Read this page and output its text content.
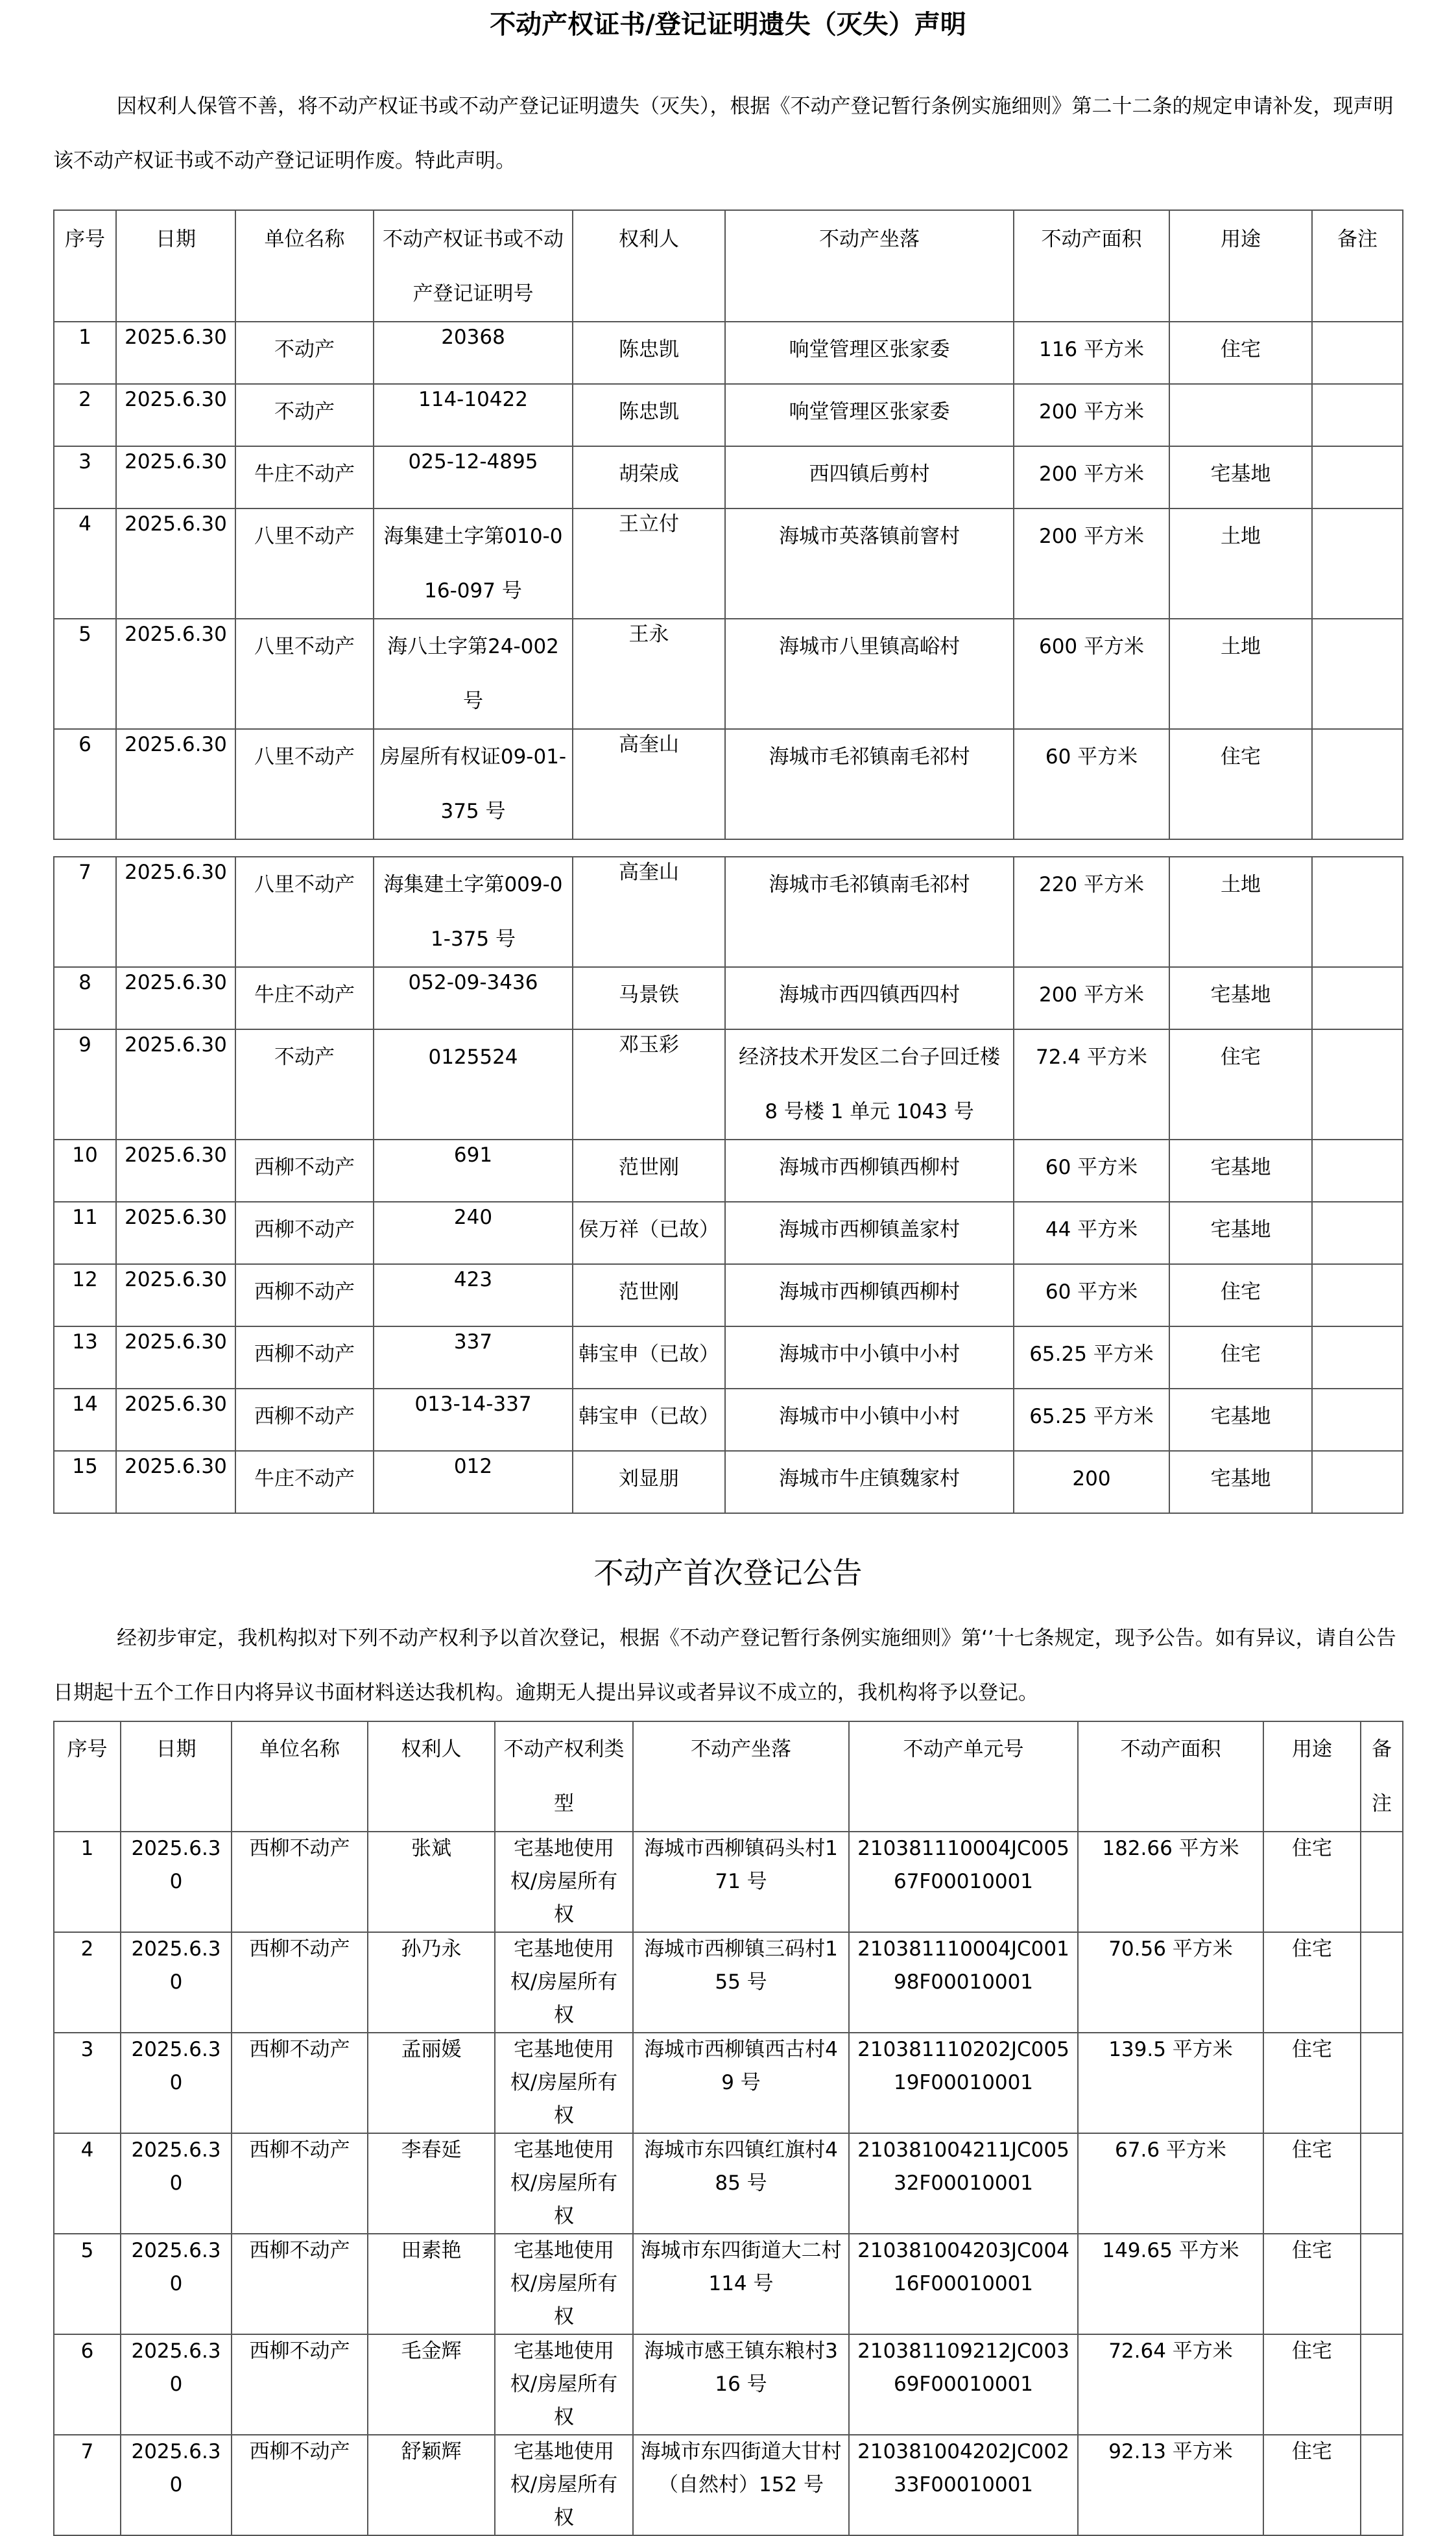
不动产权证书/登记证明遗失（灭失）声明

因权利人保管不善，将不动产权证书或不动产登记证明遗失（灭失），根据《不动产登记暂行条例实施细则》第二十二条的规定申请补发，现声明该不动产权证书或不动产登记证明作废。特此声明。

序号	日期	单位名称	不动产权证书或不动产登记证明号	权利人	不动产坐落	不动产面积	用途	备注
1	2025.6.30	不动产	20368	陈忠凯	响堂管理区张家委	116 平方米	住宅	
2	2025.6.30	不动产	114-10422	陈忠凯	响堂管理区张家委	200 平方米		
3	2025.6.30	牛庄不动产	025-12-4895	胡荣成	西四镇后剪村	200 平方米	宅基地	
4	2025.6.30	八里不动产	海集建土字第010-016-097 号	王立付	海城市英落镇前窨村	200 平方米	土地	
5	2025.6.30	八里不动产	海八土字第24-002 号	王永	海城市八里镇高峪村	600 平方米	土地	
6	2025.6.30	八里不动产	房屋所有权证09-01-375 号	高奎山	海城市毛祁镇南毛祁村	60 平方米	住宅	
7	2025.6.30	八里不动产	海集建土字第009-01-375 号	高奎山	海城市毛祁镇南毛祁村	220 平方米	土地	
8	2025.6.30	牛庄不动产	052-09-3436	马景铁	海城市西四镇西四村	200 平方米	宅基地	
9	2025.6.30	不动产	0125524	邓玉彩	经济技术开发区二台子回迁楼 8 号楼 1 单元 1043 号	72.4 平方米	住宅	
10	2025.6.30	西柳不动产	691	范世刚	海城市西柳镇西柳村	60 平方米	宅基地	
11	2025.6.30	西柳不动产	240	侯万祥（已故）	海城市西柳镇盖家村	44 平方米	宅基地	
12	2025.6.30	西柳不动产	423	范世刚	海城市西柳镇西柳村	60 平方米	住宅	
13	2025.6.30	西柳不动产	337	韩宝申（已故）	海城市中小镇中小村	65.25 平方米	住宅	
14	2025.6.30	西柳不动产	013-14-337	韩宝申（已故）	海城市中小镇中小村	65.25 平方米	宅基地	
15	2025.6.30	牛庄不动产	012	刘显朋	海城市牛庄镇魏家村	200	宅基地	
不动产首次登记公告

经初步审定，我机构拟对下列不动产权利予以首次登记，根据《不动产登记暂行条例实施细则》第‘’十七条规定，现予公告。如有异议，请自公告日期起十五个工作日内将异议书面材料送达我机构。逾期无人提出异议或者异议不成立的，我机构将予以登记。

序号	日期	单位名称	权利人	不动产权利类型	不动产坐落	不动产单元号	不动产面积	用途	备注
1	2025.6.30	西柳不动产	张斌	宅基地使用权/房屋所有权	海城市西柳镇码头村171 号	210381110004JC00567F00010001	182.66 平方米	住宅	
2	2025.6.30	西柳不动产	孙乃永	宅基地使用权/房屋所有权	海城市西柳镇三码村155 号	210381110004JC00198F00010001	70.56 平方米	住宅	
3	2025.6.30	西柳不动产	孟丽媛	宅基地使用权/房屋所有权	海城市西柳镇西古村49 号	210381110202JC00519F00010001	139.5 平方米	住宅	
4	2025.6.30	西柳不动产	李春延	宅基地使用权/房屋所有权	海城市东四镇红旗村485 号	210381004211JC00532F00010001	67.6 平方米	住宅	
5	2025.6.30	西柳不动产	田素艳	宅基地使用权/房屋所有权	海城市东四街道大二村 114 号	210381004203JC00416F00010001	149.65 平方米	住宅	
6	2025.6.30	西柳不动产	毛金辉	宅基地使用权/房屋所有权	海城市感王镇东粮村316 号	210381109212JC00369F00010001	72.64 平方米	住宅	
7	2025.6.30	西柳不动产	舒颖辉	宅基地使用权/房屋所有权	海城市东四街道大甘村（自然村）152 号	210381004202JC00233F00010001	92.13 平方米	住宅	
